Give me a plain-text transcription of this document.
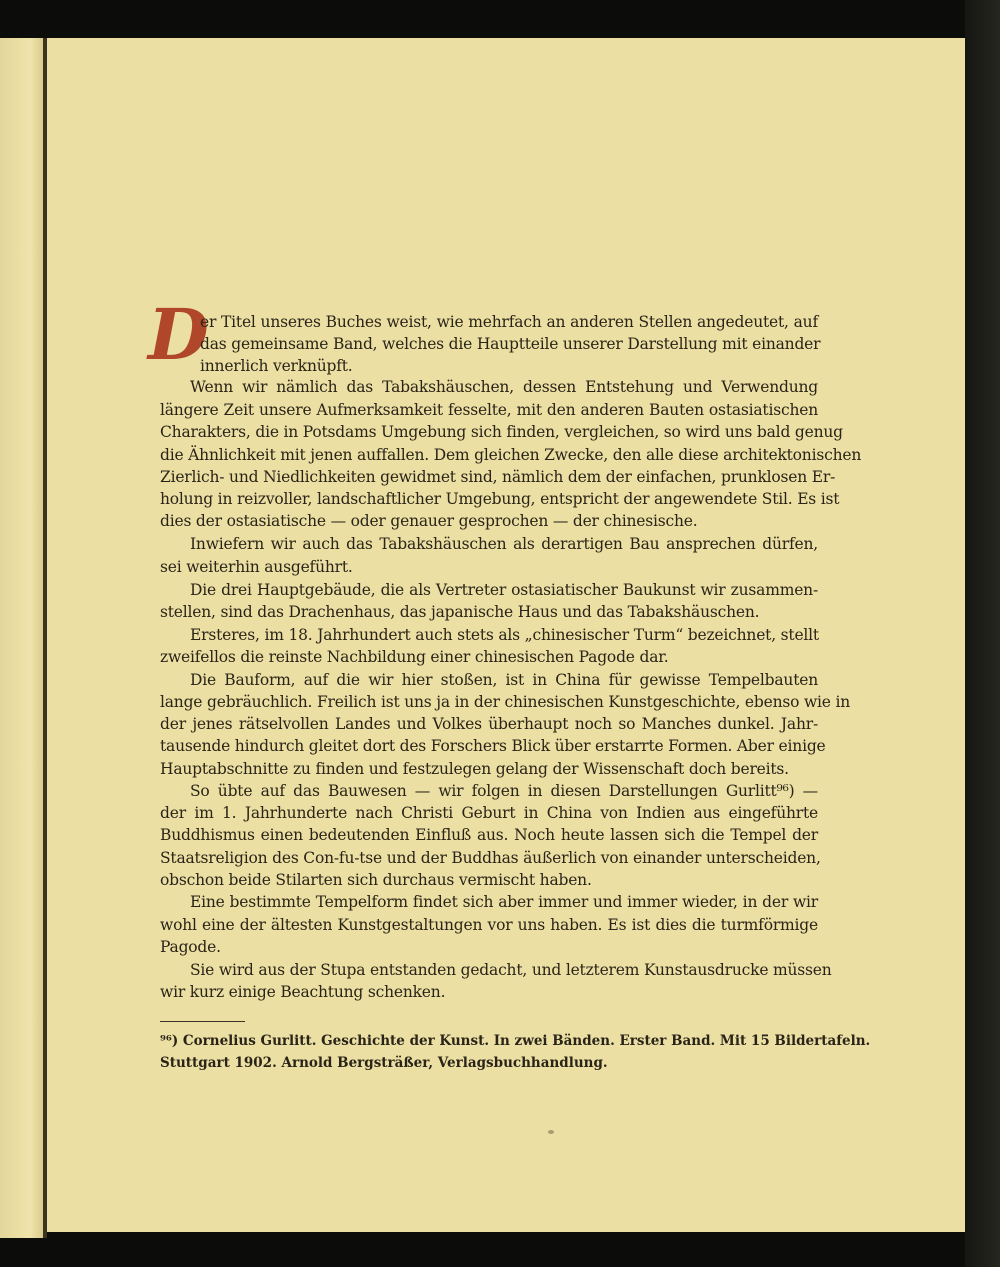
D
er Titel unseres Buches weist, wie mehrfach an anderen Stellen angedeutet, auf
das gemeinsame Band, welches die Hauptteile unserer Darstellung mit einander
innerlich verknüpft.
Wenn wir nämlich das Tabakshäuschen, dessen Entstehung und Verwendung
längere Zeit unsere Aufmerksamkeit fesselte, mit den anderen Bauten ostasiatischen
Charakters, die in Potsdams Umgebung sich finden, vergleichen, so wird uns bald genug
die Ähnlichkeit mit jenen auffallen. Dem gleichen Zwecke, den alle diese architektonischen
Zierlich- und Niedlichkeiten gewidmet sind, nämlich dem der einfachen, prunklosen Er-
holung in reizvoller, landschaftlicher Umgebung, entspricht der angewendete Stil. Es ist
dies der ostasiatische — oder genauer gesprochen — der chinesische.
Inwiefern wir auch das Tabakshäuschen als derartigen Bau ansprechen dürfen,
sei weiterhin ausgeführt.
Die drei Hauptgebäude, die als Vertreter ostasiatischer Baukunst wir zusammen-
stellen, sind das Drachenhaus, das japanische Haus und das Tabakshäuschen.
Ersteres, im 18. Jahrhundert auch stets als „chinesischer Turm“ bezeichnet, stellt
zweifellos die reinste Nachbildung einer chinesischen Pagode dar.
Die Bauform, auf die wir hier stoßen, ist in China für gewisse Tempelbauten
lange gebräuchlich. Freilich ist uns ja in der chinesischen Kunstgeschichte, ebenso wie in
der jenes rätselvollen Landes und Volkes überhaupt noch so Manches dunkel. Jahr-
tausende hindurch gleitet dort des Forschers Blick über erstarrte Formen. Aber einige
Hauptabschnitte zu finden und festzulegen gelang der Wissenschaft doch bereits.
So übte auf das Bauwesen — wir folgen in diesen Darstellungen Gurlitt⁹⁶) —
der im 1. Jahrhunderte nach Christi Geburt in China von Indien aus eingeführte
Buddhismus einen bedeutenden Einfluß aus. Noch heute lassen sich die Tempel der
Staatsreligion des Con-fu-tse und der Buddhas äußerlich von einander unterscheiden,
obschon beide Stilarten sich durchaus vermischt haben.
Eine bestimmte Tempelform findet sich aber immer und immer wieder, in der wir
wohl eine der ältesten Kunstgestaltungen vor uns haben. Es ist dies die turmförmige
Pagode.
Sie wird aus der Stupa entstanden gedacht, und letzterem Kunstausdrucke müssen
wir kurz einige Beachtung schenken.
⁹⁶) Cornelius Gurlitt. Geschichte der Kunst. In zwei Bänden. Erster Band. Mit 15 Bildertafeln.
Stuttgart 1902. Arnold Bergsträßer, Verlagsbuchhandlung.
